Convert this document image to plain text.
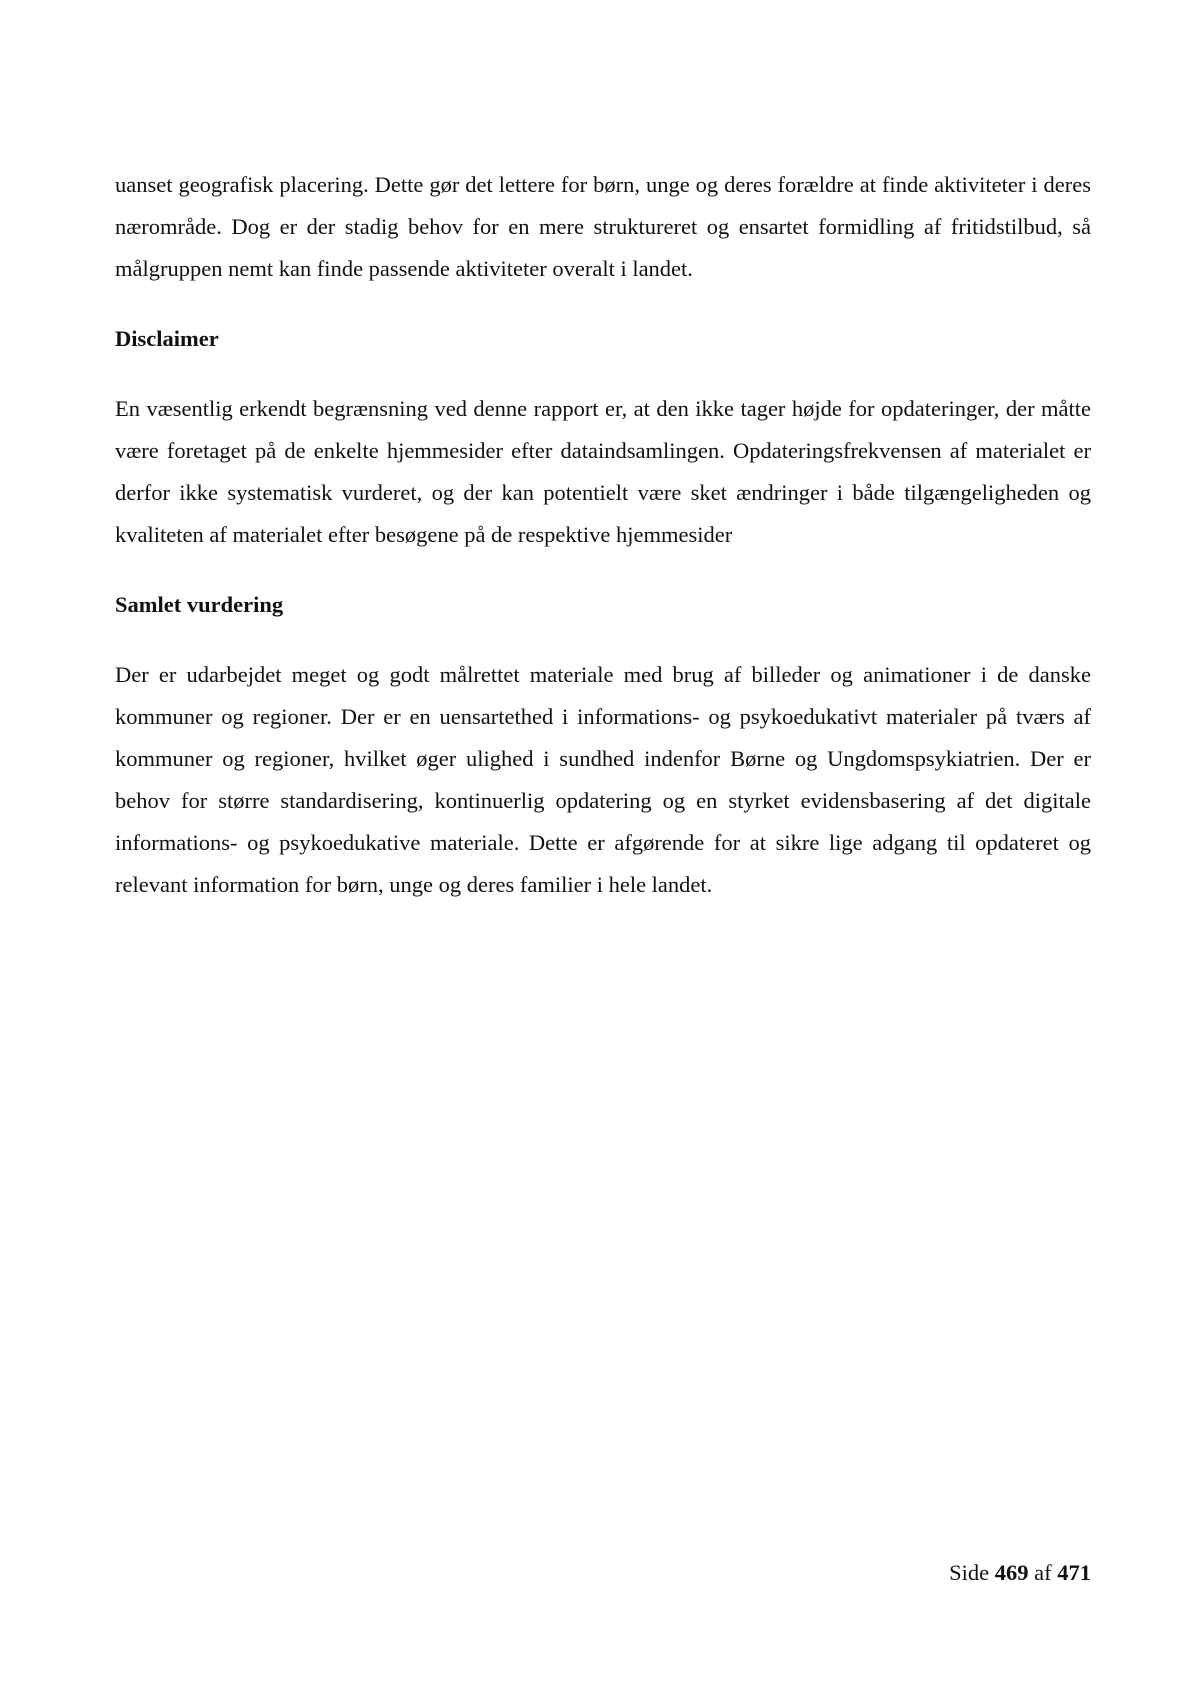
uanset geografisk placering. Dette gør det lettere for børn, unge og deres forældre at finde aktiviteter i deres nærområde. Dog er der stadig behov for en mere struktureret og ensartet formidling af fritidstilbud, så målgruppen nemt kan finde passende aktiviteter overalt i landet.

Disclaimer

En væsentlig erkendt begrænsning ved denne rapport er, at den ikke tager højde for opdateringer, der måtte være foretaget på de enkelte hjemmesider efter dataindsamlingen. Opdateringsfrekvensen af materialet er derfor ikke systematisk vurderet, og der kan potentielt være sket ændringer i både tilgængeligheden og kvaliteten af materialet efter besøgene på de respektive hjemmesider

Samlet vurdering

Der er udarbejdet meget og godt målrettet materiale med brug af billeder og animationer i de danske kommuner og regioner. Der er en uensartethed i informations- og psykoedukativt materialer på tværs af kommuner og regioner, hvilket øger ulighed i sundhed indenfor Børne og Ungdomspsykiatrien. Der er behov for større standardisering, kontinuerlig opdatering og en styrket evidensbasering af det digitale informations- og psykoedukative materiale. Dette er afgørende for at sikre lige adgang til opdateret og relevant information for børn, unge og deres familier i hele landet.

Side 469 af 471
